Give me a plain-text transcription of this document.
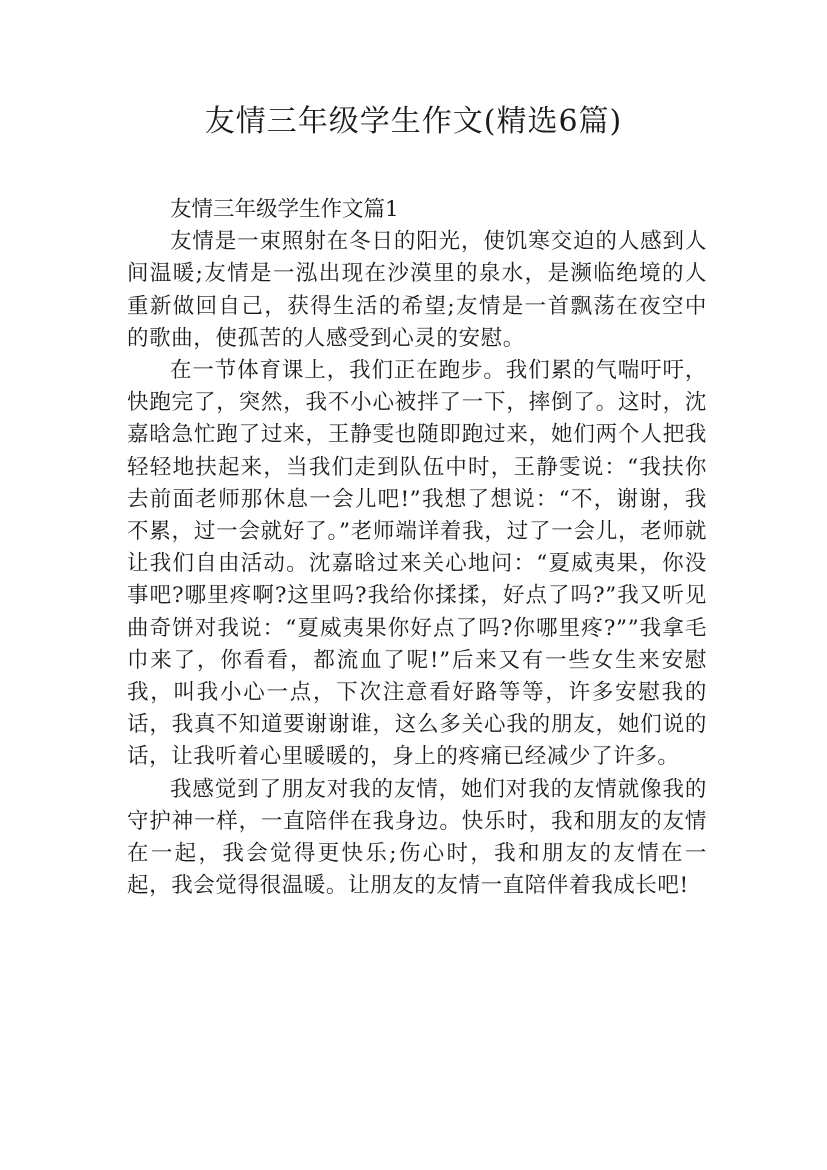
友情三年级学生作文(精选6篇)

友情三年级学生作文篇1

友情是一束照射在冬日的阳光，使饥寒交迫的人感到人间温暖;友情是一泓出现在沙漠里的泉水，是濒临绝境的人重新做回自己，获得生活的希望;友情是一首飘荡在夜空中的歌曲，使孤苦的人感受到心灵的安慰。

在一节体育课上，我们正在跑步。我们累的气喘吁吁，快跑完了，突然，我不小心被拌了一下，摔倒了。这时，沈嘉晗急忙跑了过来，王静雯也随即跑过来，她们两个人把我轻轻地扶起来，当我们走到队伍中时，王静雯说：“我扶你去前面老师那休息一会儿吧!”我想了想说：“不，谢谢，我不累，过一会就好了。”老师端详着我，过了一会儿，老师就让我们自由活动。沈嘉晗过来关心地问：“夏威夷果，你没事吧?哪里疼啊?这里吗?我给你揉揉，好点了吗?”我又听见曲奇饼对我说：“夏威夷果你好点了吗?你哪里疼?””我拿毛巾来了，你看看，都流血了呢!”后来又有一些女生来安慰我，叫我小心一点，下次注意看好路等等，许多安慰我的话，我真不知道要谢谢谁，这么多关心我的朋友，她们说的话，让我听着心里暖暖的，身上的疼痛已经减少了许多。

我感觉到了朋友对我的友情，她们对我的友情就像我的守护神一样，一直陪伴在我身边。快乐时，我和朋友的友情在一起，我会觉得更快乐;伤心时，我和朋友的友情在一起，我会觉得很温暖。让朋友的友情一直陪伴着我成长吧!
